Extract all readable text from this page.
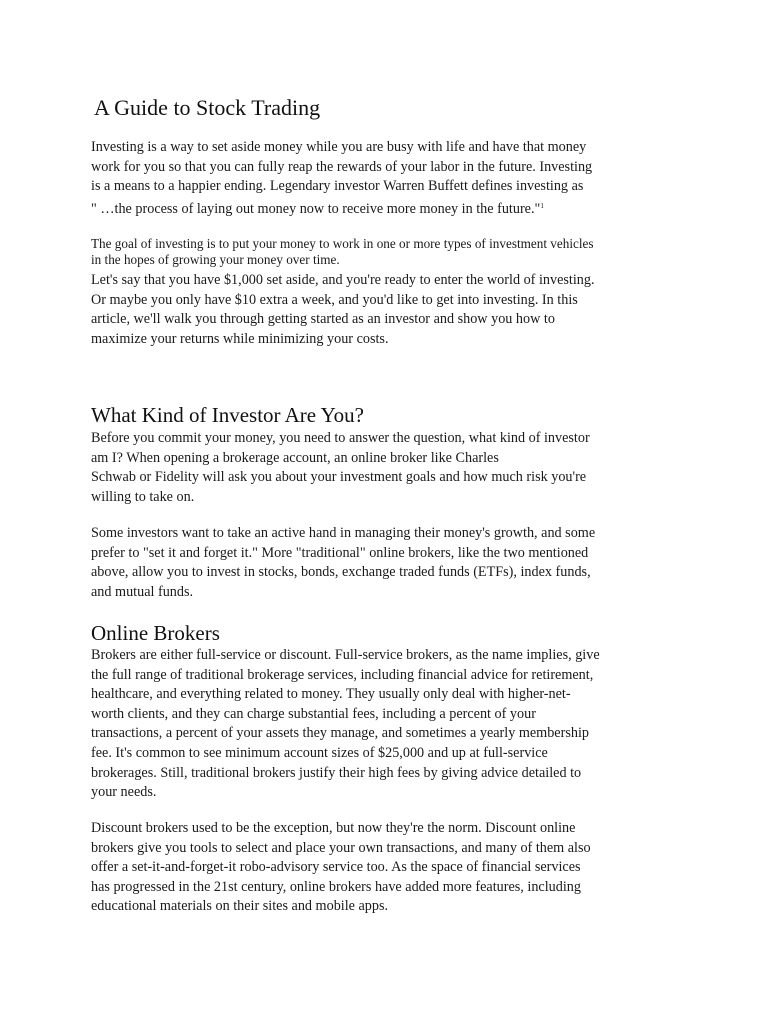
A Guide to Stock Trading
Investing is a way to set aside money while you are busy with life and have that money
work for you so that you can fully reap the rewards of your labor in the future. Investing
is a means to a happier ending. Legendary investor Warren Buffett defines investing as
" …the process of laying out money now to receive more money in the future."$^1$
The goal of investing is to put your money to work in one or more types of investment vehicles
in the hopes of growing your money over time.
Let's say that you have $1,000 set aside, and you're ready to enter the world of investing.
Or maybe you only have $10 extra a week, and you'd like to get into investing. In this
article, we'll walk you through getting started as an investor and show you how to
maximize your returns while minimizing your costs.
What Kind of Investor Are You?
Before you commit your money, you need to answer the question, what kind of investor
am I? When opening a brokerage account, an online broker like Charles
Schwab or Fidelity will ask you about your investment goals and how much risk you're
willing to take on.
Some investors want to take an active hand in managing their money's growth, and some
prefer to "set it and forget it." More "traditional" online brokers, like the two mentioned
above, allow you to invest in stocks, bonds, exchange traded funds (ETFs), index funds,
and mutual funds.
Online Brokers
Brokers are either full-service or discount. Full-service brokers, as the name implies, give
the full range of traditional brokerage services, including financial advice for retirement,
healthcare, and everything related to money. They usually only deal with higher-net-
worth clients, and they can charge substantial fees, including a percent of your
transactions, a percent of your assets they manage, and sometimes a yearly membership
fee. It's common to see minimum account sizes of $25,000 and up at full-service
brokerages. Still, traditional brokers justify their high fees by giving advice detailed to
your needs.
Discount brokers used to be the exception, but now they're the norm. Discount online
brokers give you tools to select and place your own transactions, and many of them also
offer a set-it-and-forget-it robo-advisory service too. As the space of financial services
has progressed in the 21st century, online brokers have added more features, including
educational materials on their sites and mobile apps.
